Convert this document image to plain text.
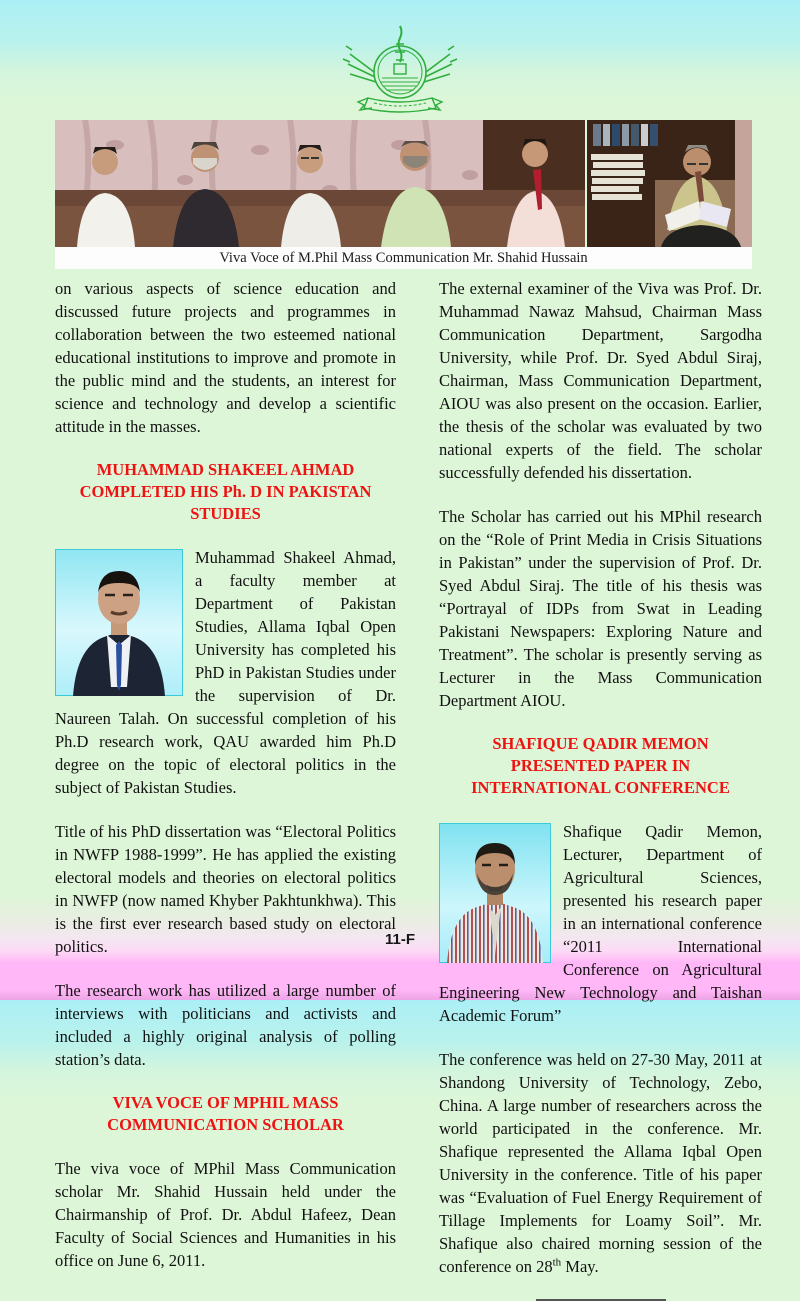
Viva Voce of M.Phil Mass Communication Mr. Shahid Hussain

on various aspects of science education and discussed future projects and programmes in collaboration between the two esteemed national educational institutions to improve and promote in the public mind and the students, an interest for science and technology and develop a scientific attitude in the masses.

MUHAMMAD SHAKEEL AHMAD COMPLETED HIS Ph. D IN PAKISTAN STUDIES

Muhammad Shakeel Ahmad, a faculty member at Department of Pakistan Studies, Allama Iqbal Open University has completed his PhD in Pakistan Studies under the supervision of Dr. Naureen Talah. On successful completion of his Ph.D research work, QAU awarded him Ph.D degree on the topic of electoral politics in the subject of Pakistan Studies.

Title of his PhD dissertation was “Electoral Politics in NWFP 1988-1999”. He has applied the existing electoral models and theories on electoral politics in NWFP (now named Khyber Pakhtunkhwa). This is the first ever research based study on electoral politics.

The research work has utilized a large number of interviews with politicians and activists and included a highly original analysis of polling station’s data.

VIVA VOCE OF MPHIL MASS COMMUNICATION SCHOLAR

The viva voce of MPhil Mass Communication scholar Mr. Shahid Hussain held under the Chairmanship of Prof. Dr. Abdul Hafeez, Dean Faculty of Social Sciences and Humanities in his office on June 6, 2011.

The external examiner of the Viva was Prof. Dr. Muhammad Nawaz Mahsud, Chairman Mass Communication Department, Sargodha University, while Prof. Dr. Syed Abdul Siraj, Chairman, Mass Communication Department, AIOU was also present on the occasion. Earlier, the thesis of the scholar was evaluated by two national experts of the field. The scholar successfully defended his dissertation.

The Scholar has carried out his MPhil research on the “Role of Print Media in Crisis Situations in Pakistan” under the supervision of Prof. Dr. Syed Abdul Siraj. The title of his thesis was “Portrayal of IDPs from Swat in Leading Pakistani Newspapers: Exploring Nature and Treatment”. The scholar is presently serving as Lecturer in the Mass Communication Department AIOU.

SHAFIQUE QADIR MEMON PRESENTED PAPER IN INTERNATIONAL CONFERENCE

Shafique Qadir Memon, Lecturer, Department of Agricultural Sciences, presented his research paper in an international conference “2011 International Conference on Agricultural Engineering New Technology and Taishan Academic Forum”

The conference was held on 27-30 May, 2011 at Shandong University of Technology, Zebo, China. A large number of researchers across the world participated in the conference. Mr. Shafique represented the Allama Iqbal Open University in the conference. Title of his paper was “Evaluation of Fuel Energy Requirement of Tillage Implements for Loamy Soil”. Mr. Shafique also chaired morning session of the conference on 28th May.

11-F
